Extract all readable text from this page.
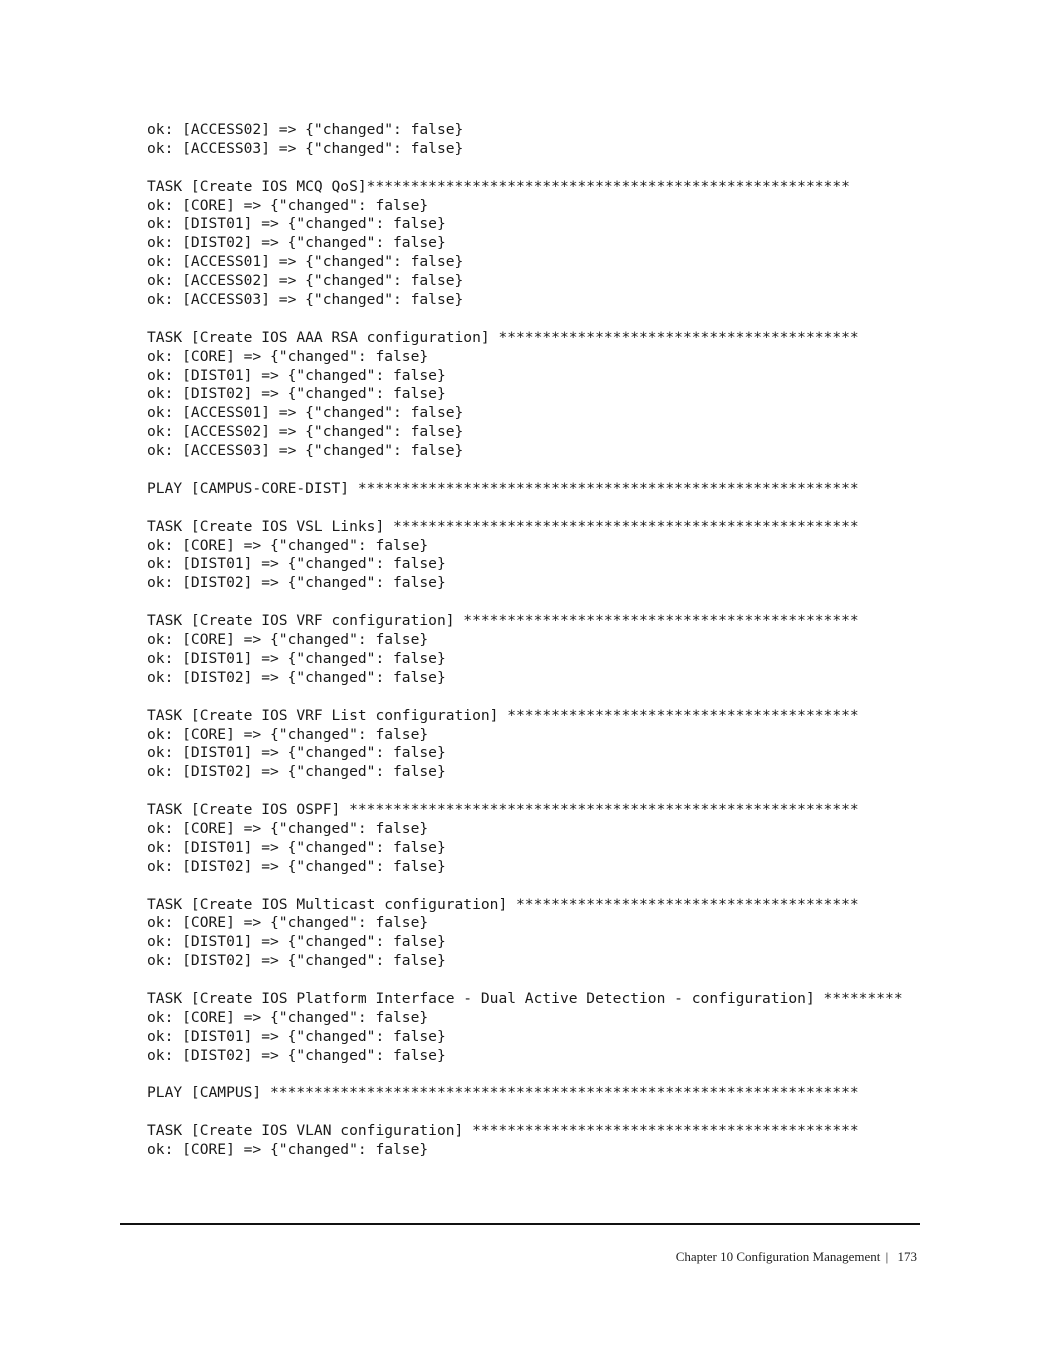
ok: [ACCESS02] => {"changed": false}
ok: [ACCESS03] => {"changed": false}
TASK [Create IOS MCQ QoS]*******************************************************
ok: [CORE] => {"changed": false}
ok: [DIST01] => {"changed": false}
ok: [DIST02] => {"changed": false}
ok: [ACCESS01] => {"changed": false}
ok: [ACCESS02] => {"changed": false}
ok: [ACCESS03] => {"changed": false}
TASK [Create IOS AAA RSA configuration] *****************************************
ok: [CORE] => {"changed": false}
ok: [DIST01] => {"changed": false}
ok: [DIST02] => {"changed": false}
ok: [ACCESS01] => {"changed": false}
ok: [ACCESS02] => {"changed": false}
ok: [ACCESS03] => {"changed": false}
PLAY [CAMPUS-CORE-DIST] *********************************************************
TASK [Create IOS VSL Links] *****************************************************
ok: [CORE] => {"changed": false}
ok: [DIST01] => {"changed": false}
ok: [DIST02] => {"changed": false}
TASK [Create IOS VRF configuration] *********************************************
ok: [CORE] => {"changed": false}
ok: [DIST01] => {"changed": false}
ok: [DIST02] => {"changed": false}
TASK [Create IOS VRF List configuration] ****************************************
ok: [CORE] => {"changed": false}
ok: [DIST01] => {"changed": false}
ok: [DIST02] => {"changed": false}
TASK [Create IOS OSPF] **********************************************************
ok: [CORE] => {"changed": false}
ok: [DIST01] => {"changed": false}
ok: [DIST02] => {"changed": false}
TASK [Create IOS Multicast configuration] ***************************************
ok: [CORE] => {"changed": false}
ok: [DIST01] => {"changed": false}
ok: [DIST02] => {"changed": false}
TASK [Create IOS Platform Interface - Dual Active Detection - configuration] *********
ok: [CORE] => {"changed": false}
ok: [DIST01] => {"changed": false}
ok: [DIST02] => {"changed": false}
PLAY [CAMPUS] *******************************************************************
TASK [Create IOS VLAN configuration] ********************************************
ok: [CORE] => {"changed": false}
Chapter 10 Configuration Management | 173
